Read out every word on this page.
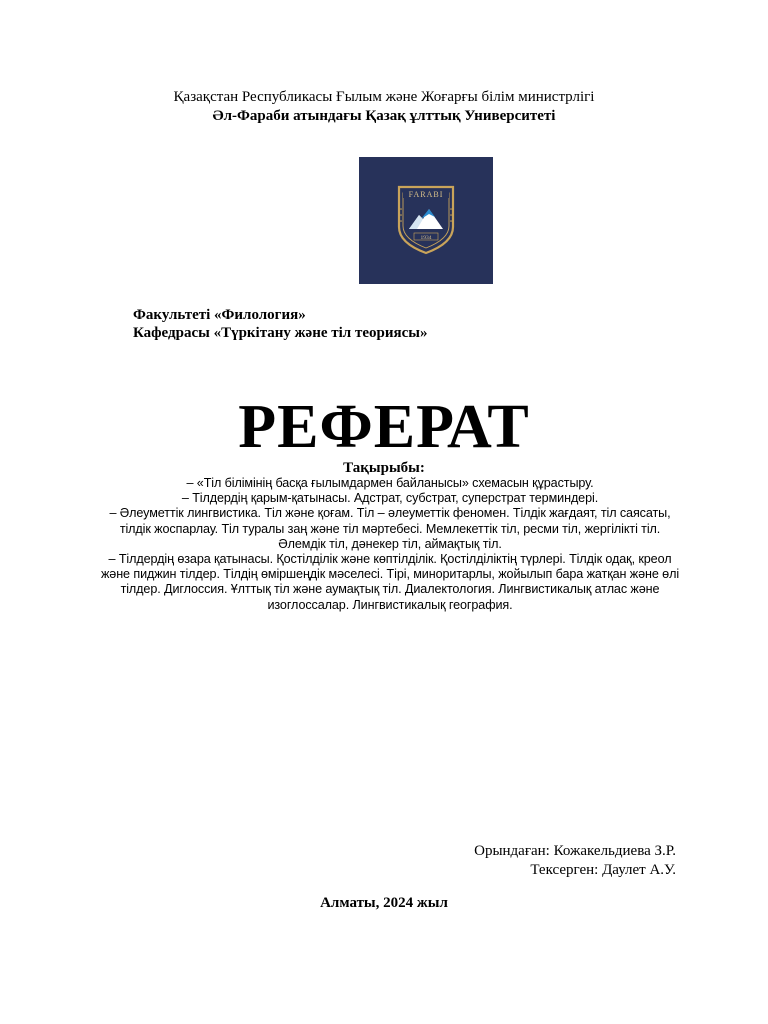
Қазақстан Республикасы Ғылым және Жоғарғы білім министрлігі
Әл-Фараби атындағы Қазақ ұлттық Университеті
FARABI
1934
Факультеті «Филология»
Кафедрасы «Түркітану және тіл теориясы»
РЕФЕРАТ
Тақырыбы:

– «Тіл білімінің басқа ғылымдармен байланысы» схемасын құрастыру.

– Тілдердің қарым-қатынасы. Адстрат, субстрат, суперстрат терминдері.

– Әлеуметтік лингвистика. Тіл және қоғам. Тіл – әлеуметтік феномен. Тілдік жағдаят, тіл саясаты, тілдік жоспарлау. Тіл туралы заң және тіл мәртебесі. Мемлекеттік тіл, ресми тіл, жергілікті тіл. Әлемдік тіл, дәнекер тіл, аймақтық тіл.

– Тілдердің өзара қатынасы. Қостілділік және көптілділік. Қостілділіктің түрлері. Тілдік одақ, креол және пиджин тілдер. Тілдің өміршеңдік мәселесі. Тірі, миноритарлы, жойылып бара жатқан және өлі тілдер. Диглоссия. Ұлттық тіл және аумақтық тіл. Диалектология. Лингвистикалық атлас және изоглоссалар. Лингвистикалық география.

Орындаған: Кожакельдиева З.Р.
Тексерген: Даулет А.У.
Алматы, 2024 жыл
